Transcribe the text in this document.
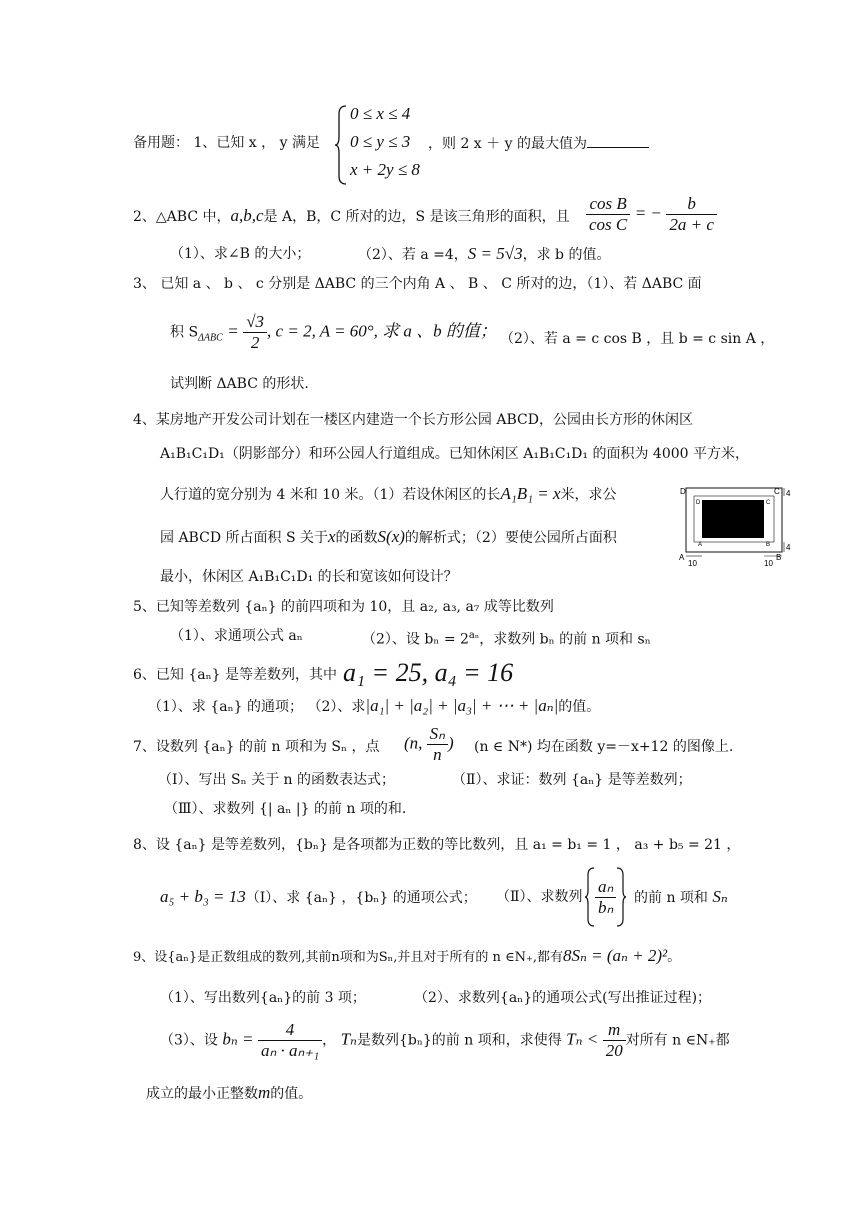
备用题： 1、已知 x ， y 满足
0 ≤ x ≤ 4
0 ≤ y ≤ 3
x + 2y ≤ 8
，则 2 x ＋ y 的最大值为
2、△ABC 中，a,b,c是 A，B，C 所对的边，S 是该三角形的面积，且 $\frac{\text{cos B}}{\text{cos C}}$ = − $\frac{b}{2a + c}$
（1）、求∠B 的大小；	（2）、若 a =4，S = 5√3，求 b 的值。
3、 已知 a 、 b 、 c 分别是 ΔABC 的三个内角 A 、 B 、 C 所对的边，（1）、若 ΔABC 面
积 $S_{\Delta ABC} = \frac{√3}{2}$ , c = 2, A = 60°, 求 a 、b 的值； （2）、若 a = c cos B ，且 b = c sin A ，
试判断 ΔABC 的形状.
4、某房地产开发公司计划在一楼区内建造一个长方形公园 ABCD，公园由长方形的休闲区
A₁B₁C₁D₁（阴影部分）和环公园人行道组成。已知休闲区 A₁B₁C₁D₁ 的面积为 4000 平方米，
人行道的宽分别为 4 米和 10 米。（1）若设休闲区的长A₁B₁ = x米，求公
园 ABCD 所占面积 S 关于x的函数S(x)的解析式；（2）要使公园所占面积
最小，休闲区 A₁B₁C₁D₁ 的长和宽该如何设计？
D	C
A	B
D	C
A	B
4
4
10	10
5、已知等差数列 {aₙ} 的前四项和为 10，且 a₂, a₃, a₇ 成等比数列
（1）、求通项公式 aₙ	（2）、设 $b_n = 2^{a_n}$，求数列 bₙ 的前 n 项和 sₙ
6、已知 {aₙ} 是等差数列，其中 a₁ = 25, a₄ = 16
（1）、求 {aₙ} 的通项； （2）、求|a₁| + |a₂| + |a₃| + ⋯ + |aₙ|的值。
7、设数列 {aₙ} 的前 n 项和为 Sₙ ，点 (n, $\frac{\text{Sₙ}}{n}$ ) (n ∈ N*) 均在函数 y=－x+12 的图像上.
（Ⅰ）、写出 Sₙ 关于 n 的函数表达式；	（Ⅱ）、求证：数列 {aₙ} 是等差数列；
（Ⅲ）、求数列 {| aₙ |} 的前 n 项的和.
8、设 {aₙ} 是等差数列，{bₙ} 是各项都为正数的等比数列，且 a₁ = b₁ = 1 ， a₃ + b₅ = 21 ，
a₅ + b₃ = 13（Ⅰ）、求 {aₙ} ，{bₙ} 的通项公式； （Ⅱ）、求数列 $\frac{\text{aₙ}}{\text{bₙ}}$ 的前 n 项和 Sₙ
9、设{aₙ}是正数组成的数列,其前n项和为Sₙ,并且对于所有的 n ∈N₊,都有8Sₙ = (aₙ + 2)²。
（1）、写出数列{aₙ}的前 3 项；	（2）、求数列{aₙ}的通项公式(写出推证过程)；
（3）、设 $b_n = \frac{4}{\text{aₙ · aₙ₊₁}}$ ， Tₙ是数列{bₙ}的前 n 项和，求使得 $T_n < \frac{m}{20}$ 对所有 n ∈N₊都
成立的最小正整数m的值。
